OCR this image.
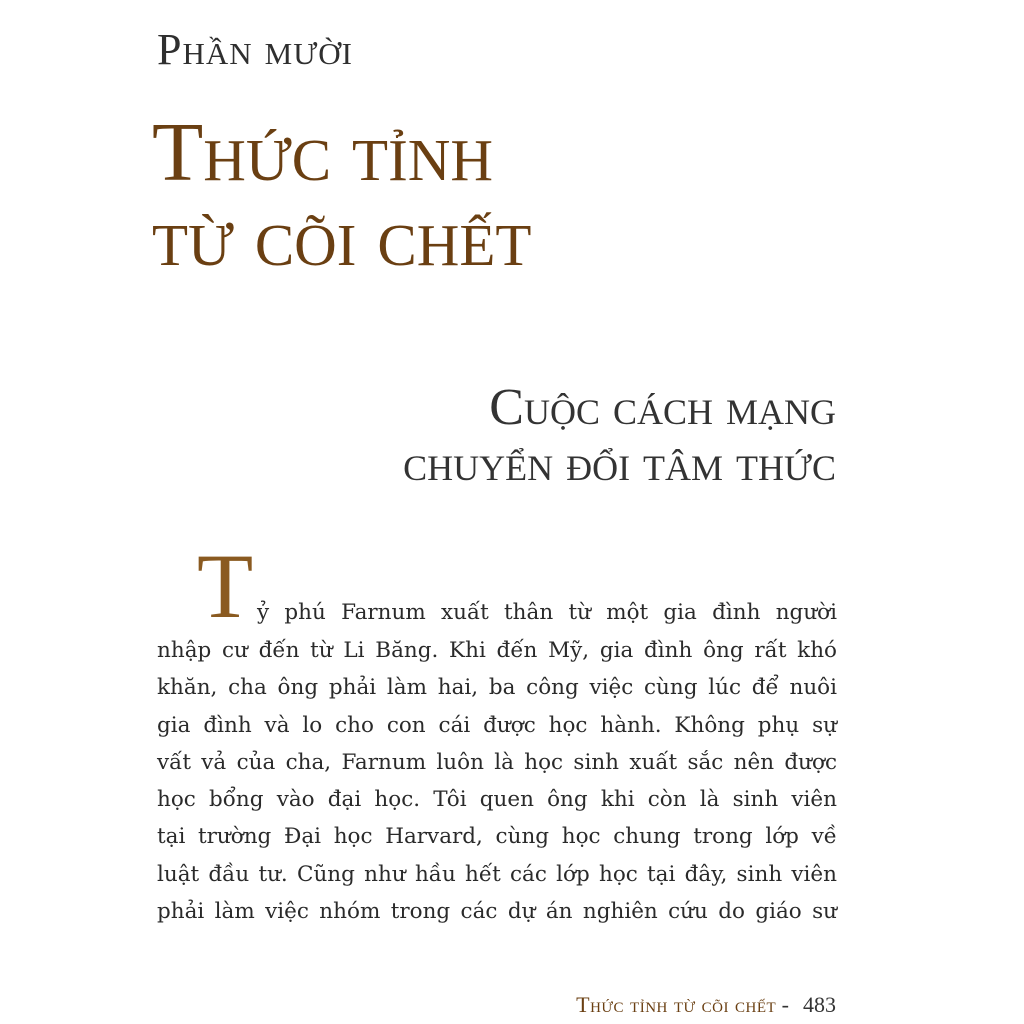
Phần mười
Thức tỉnh
từ cõi chết
Cuộc cách mạng
chuyển đổi tâm thức
T ỷ phú Farnum xuất thân từ một gia đình người
nhập cư đến từ Li Băng. Khi đến Mỹ, gia đình ông rất khó
khăn, cha ông phải làm hai, ba công việc cùng lúc để nuôi
gia đình và lo cho con cái được học hành. Không phụ sự
vất vả của cha, Farnum luôn là học sinh xuất sắc nên được
học bổng vào đại học. Tôi quen ông khi còn là sinh viên
tại trường Đại học Harvard, cùng học chung trong lớp về
luật đầu tư. Cũng như hầu hết các lớp học tại đây, sinh viên
phải làm việc nhóm trong các dự án nghiên cứu do giáo sư
Thức tỉnh từ cõi chết - 483
